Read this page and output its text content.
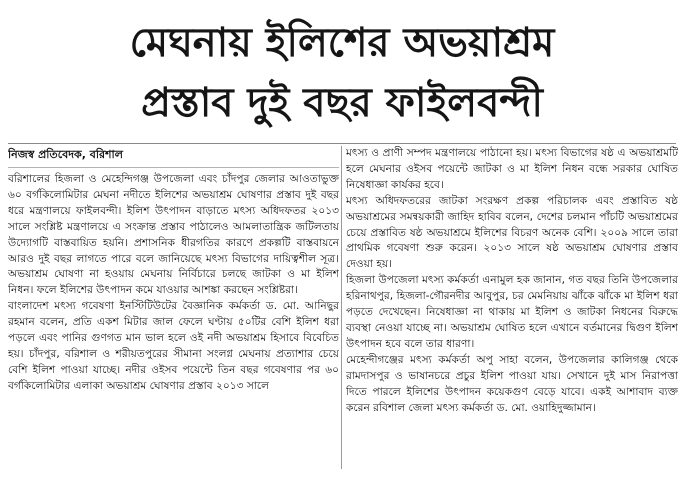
মেঘনায় ইলিশের অভয়াশ্রম
প্রস্তাব দুই বছর ফাইলবন্দী
নিজস্ব প্রতিবেদক, বরিশাল

বরিশালের হিজলা ও মেহেন্দিগঞ্জ উপজেলা এবং চাঁদপুর জেলার আওতাভুক্ত ৬০ বর্গকিলোমিটার মেঘনা নদীতে ইলিশের অভয়াশ্রম ঘোষণার প্রস্তাব দুই বছর ধরে মন্ত্রণালয়ে ফাইলবন্দী। ইলিশ উৎপাদন বাড়াতে মৎস্য অধিদফতর ২০১৩ সালে সংশ্লিষ্ট মন্ত্রণালয়ে এ সংক্রান্ত প্রস্তাব পাঠালেও আমলাতান্ত্রিক জটিলতায় উদ্যোগটি বাস্তবায়িত হয়নি। প্রশাসনিক ধীরগতির কারণে প্রকল্পটি বাস্তবায়নে আরও দুই বছর লাগতে পারে বলে জানিয়েছে মৎস্য বিভাগের দায়িত্বশীল সূত্র। অভয়াশ্রম ঘোষণা না হওয়ায় মেঘনায় নির্বিচারে চলছে জাটকা ও মা ইলিশ নিধন। ফলে ইলিশের উৎপাদন কমে যাওয়ার আশঙ্কা করছেন সংশ্লিষ্টরা।

বাংলাদেশ মৎস্য গবেষণা ইনস্টিটিউটের বৈজ্ঞানিক কর্মকর্তা ড. মো. আনিছুর রহমান বলেন, প্রতি একশ মিটার জাল ফেলে ঘণ্টায় ৫০টির বেশি ইলিশ ধরা পড়লে এবং পানির গুণগত মান ভাল হলে ওই নদী অভয়াশ্রম হিসাবে বিবেচিত হয়। চাঁদপুর, বরিশাল ও শরীয়তপুরের সীমানা সংলগ্ন মেঘনায় প্রত্যাশার চেয়ে বেশি ইলিশ পাওয়া যাচ্ছে। নদীর ওইসব পয়েন্টে তিন বছর গবেষণার পর ৬০ বর্গকিলোমিটার এলাকা অভয়াশ্রম ঘোষণার প্রস্তাব ২০১৩ সালে

মৎস্য ও প্রাণী সম্পদ মন্ত্রণালয়ে পাঠানো হয়। মৎস্য বিভাগের ষষ্ঠ এ অভয়াশ্রমটি হলে মেঘনার ওইসব পয়েন্টে জাটকা ও মা ইলিশ নিধন বন্ধে সরকার ঘোষিত নিষেধাজ্ঞা কার্যকর হবে।

মৎস্য অধিদফতরের জাটকা সংরক্ষণ প্রকল্প পরিচালক এবং প্রস্তাবিত ষষ্ঠ অভয়াশ্রমের সমন্বয়কারী জাহিদ হাবিব বলেন, দেশের চলমান পাঁচটি অভয়াশ্রমের চেয়ে প্রস্তাবিত ষষ্ঠ অভয়াশ্রমে ইলিশের বিচরণ অনেক বেশি। ২০০৯ সালে তারা প্রাথমিক গবেষণা শুরু করেন। ২০১৩ সালে ষষ্ঠ অভয়াশ্রম ঘোষণার প্রস্তাব দেওয়া হয়।

হিজলা উপজেলা মৎস্য কর্মকর্তা এনামুল হক জানান, গত বছর তিনি উপজেলার হরিনাথপুর, হিজলা-গৌরনদীর আবুপুর, চর মেমনিয়ায় ঝাঁকে ঝাঁকে মা ইলিশ ধরা পড়তে দেখেছেন। নিষেধাজ্ঞা না থাকায় মা ইলিশ ও জাটকা নিধনের বিরুদ্ধে ব্যবস্থা নেওয়া যাচ্ছে না। অভয়াশ্রম ঘোষিত হলে এখানে বর্তমানের দ্বিগুণ ইলিশ উৎপাদন হবে বলে তার ধারণা।

মেহেন্দীগঞ্জের মৎস্য কর্মকর্তা অপু সাহা বলেন, উপজেলার কালিগঞ্জ থেকে রামদাসপুর ও ভাষানচরে প্রচুর ইলিশ পাওয়া যায়। সেখানে দুই মাস নিরাপত্তা দিতে পারলে ইলিশের উৎপাদন কয়েকগুণ বেড়ে যাবে। একই আশাবাদ ব্যক্ত করেন রবিশাল জেলা মৎস্য কর্মকর্তা ড. মো. ওয়াহিদুজ্জামান।
